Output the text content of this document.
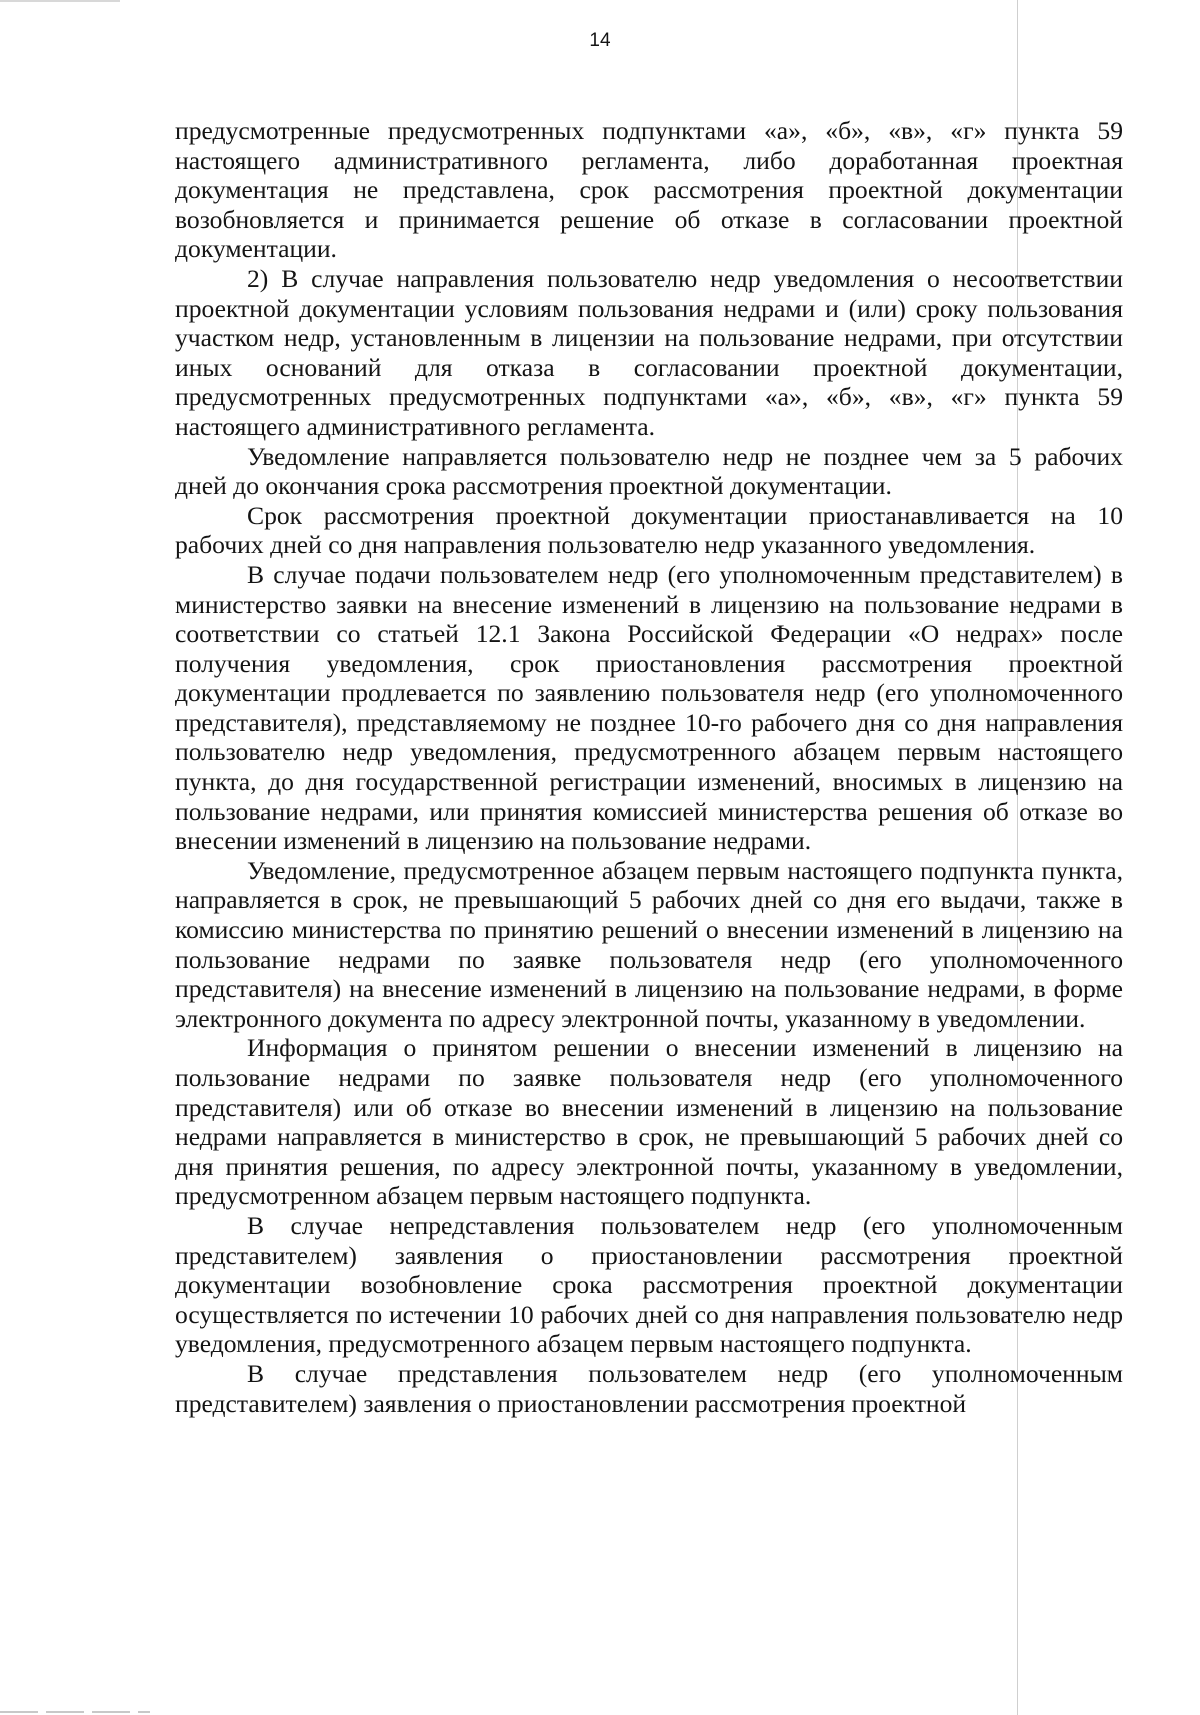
14

предусмотренные предусмотренных подпунктами «а», «б», «в», «г» пункта 59 настоящего административного регламента, либо доработанная проектная документация не представлена, срок рассмотрения проектной документации возобновляется и принимается решение об отказе в согласовании проектной документации.

2) В случае направления пользователю недр уведомления о несоответствии проектной документации условиям пользования недрами и (или) сроку пользования участком недр, установленным в лицензии на пользование недрами, при отсутствии иных оснований для отказа в согласовании проектной документации, предусмотренных предусмотренных подпунктами «а», «б», «в», «г» пункта 59 настоящего административного регламента.

Уведомление направляется пользователю недр не позднее чем за 5 рабочих дней до окончания срока рассмотрения проектной документации.

Срок рассмотрения проектной документации приостанавливается на 10 рабочих дней со дня направления пользователю недр указанного уведомления.

В случае подачи пользователем недр (его уполномоченным представителем) в министерство заявки на внесение изменений в лицензию на пользование недрами в соответствии со статьей 12.1 Закона Российской Федерации «О недрах» после получения уведомления, срок приостановления рассмотрения проектной документации продлевается по заявлению пользователя недр (его уполномоченного представителя), представляемому не позднее 10-го рабочего дня со дня направления пользователю недр уведомления, предусмотренного абзацем первым настоящего пункта, до дня государственной регистрации изменений, вносимых в лицензию на пользование недрами, или принятия комиссией министерства решения об отказе во внесении изменений в лицензию на пользование недрами.

Уведомление, предусмотренное абзацем первым настоящего подпункта пункта, направляется в срок, не превышающий 5 рабочих дней со дня его выдачи, также в комиссию министерства по принятию решений о внесении изменений в лицензию на пользование недрами по заявке пользователя недр (его уполномоченного представителя) на внесение изменений в лицензию на пользование недрами, в форме электронного документа по адресу электронной почты, указанному в уведомлении.

Информация о принятом решении о внесении изменений в лицензию на пользование недрами по заявке пользователя недр (его уполномоченного представителя) или об отказе во внесении изменений в лицензию на пользование недрами направляется в министерство в срок, не превышающий 5 рабочих дней со дня принятия решения, по адресу электронной почты, указанному в уведомлении, предусмотренном абзацем первым настоящего подпункта.

В случае непредставления пользователем недр (его уполномоченным представителем) заявления о приостановлении рассмотрения проектной документации возобновление срока рассмотрения проектной документации осуществляется по истечении 10 рабочих дней со дня направления пользователю недр уведомления, предусмотренного абзацем первым настоящего подпункта.

В случае представления пользователем недр (его уполномоченным представителем) заявления о приостановлении рассмотрения проектной
